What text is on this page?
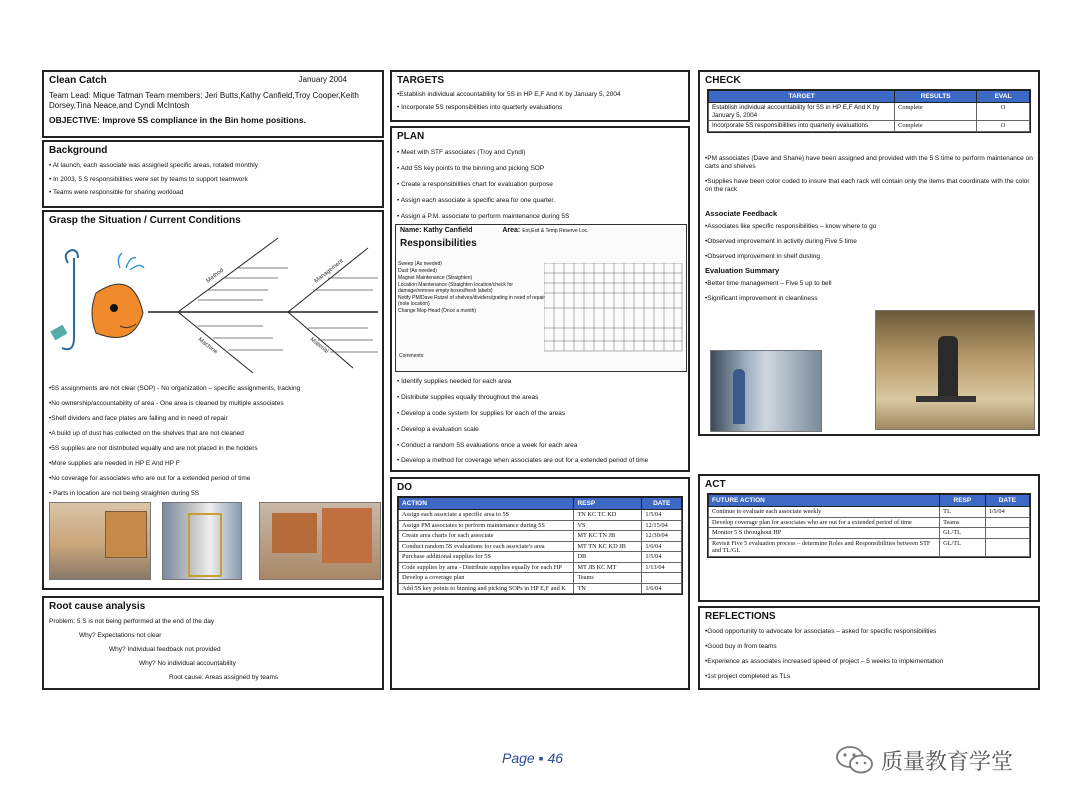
Clean Catch	January 2004

Team Lead: Mique Tatman Team members: Jeri Butts,Kathy Canfield,Troy Cooper,Keith Dorsey,Tina Neace,and Cyndi McIntosh

OBJECTIVE: Improve 5S compliance in the Bin home positions.

Background

• At launch, each associate was assigned specific areas, rotated monthly

• In 2003, 5 S responsibilities were set by teams to support teamwork

• Teams were responsible for sharing workload

Grasp the Situation / Current Conditions

Method	Management
Machine	Material

•5S assignments are not clear (SOP) - No organization – specific assignments, tracking

•No ownership/accountability of area - One area is cleaned by multiple associates

•Shelf dividers and face plates are falling and in need of repair

•A build up of dust has collected on the shelves that are not cleaned

•5S supplies are not distributed equally and are not placed in the holders

•More supplies are needed in HP E And HP F

•No coverage for associates who are out for a extended period of time

• Parts in location are not being straighten during 5S

Root cause analysis

Problem: 5 S is not being performed at the end of the day

Why? Expectations not clear

Why? Individual feedback not provided

Why? No individual accountability

Root cause: Areas assigned by teams

TARGETS

•Establish individual accountability for 5S in HP E,F And K by January 5, 2004

• Incorporate 5S responsibilities into quarterly evaluations

PLAN

• Meet with STF associates (Troy and Cyndi)

• Add 5S key points to the binning and picking SOP

• Create a responsibilities chart for evaluation purpose

• Assign each associate a specific area for one quarter.

• Assign a P.M. associate to perform maintenance during 5S

Name: Kathy Canfield	Area: Ent,Exit & Temp Reserve Loc.
Responsibilities
Sweep (As needed)
Dust (As needed)
Magnet Maintenance (Straighten)
Location Maintenance (Straighten location/check for damage/remove empty boxes/fresh labels)
Notify PM/Dave Rutzel of shelves/dividers/grating in need of repair (note location)
Change Mop Head (Once a month)
Comments:

• Identify supplies needed for each area

• Distribute supplies equally throughout the areas

• Develop a code system for supplies for each of the areas

• Develop a evaluation scale

• Conduct a random 5S evaluations once a week for each area

• Develop a method for coverage when associates are out for a extended period of time

DO

ACTION	RESP	DATE
Assign each associate a specific area to 5S	TN KC TC KD	1/5/04
Assign PM associates to perform maintenance during 5S	VS	12/15/04
Create area charts for each associate	MT KC TN JB	12/30/04
Conduct random 5S evaluations for each associate's area	MT TN KC KD JB	1/6/04
Purchase additional supplies for 5S	DB	1/5/04
Code supplies by area - Distribute supplies equally for each HP	MT JB KC MT	1/13/04
Develop a coverage plan	Teams	
Add 5S key points to binning and picking SOPs in HP E,F and K	TN	1/6/04

CHECK

TARGET	RESULTS	EVAL
Establish individual accountability for 5S in HP E,F And K by January 5, 2004	Complete	O
Incorporate 5S responsibilities into quarterly evaluations	Complete	O

•PM associates (Dave and Shane) have been assigned and provided with the 5 S time to perform maintenance on carts and shelves

•Supplies have been color coded to insure that each rack will contain only the items that coordinate with the color on the rack

Associate Feedback

•Associates like specific responsibilities – know where to go

•Observed improvement in activity during Five 5 time

•Observed improvement in shelf dusting

Evaluation Summary

•Better time management – Five 5 up to bell

•Significant improvement in cleanliness

ACT

FUTURE ACTION	RESP	DATE
Continue to evaluate each associate weekly	TL	1/5/04
Develop coverage plan for associates who are out for a extended period of time	Teams	
Monitor 5 S throughout HP	GL/TL	
Revisit Five 5 evaluation process – determine Roles and Responsibilities between STF and TL/GL	GL/TL	

REFLECTIONS

•Good opportunity to advocate for associates – asked for specific responsibilities

•Good buy in from teams

•Experience as associates increased speed of project – 5 weeks to implementation

•1st project completed as TLs

Page ▪ 46	质量教育学堂
